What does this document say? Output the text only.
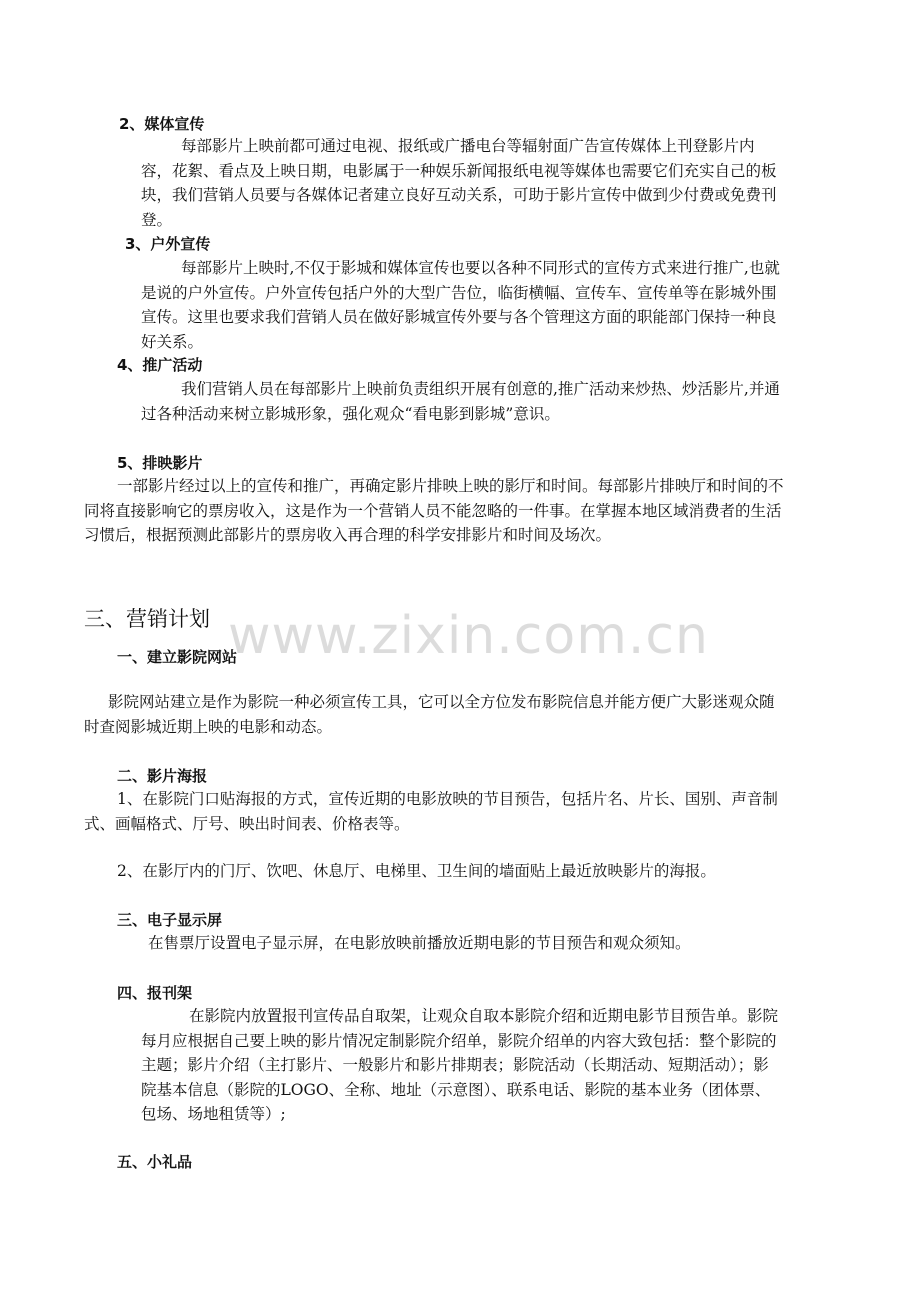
2、媒体宣传

每部影片上映前都可通过电视、报纸或广播电台等辐射面广告宣传媒体上刊登影片内容，花絮、看点及上映日期，电影属于一种娱乐新闻报纸电视等媒体也需要它们充实自己的板块，我们营销人员要与各媒体记者建立良好互动关系，可助于影片宣传中做到少付费或免费刊登。

3、户外宣传

每部影片上映时,不仅于影城和媒体宣传也要以各种不同形式的宣传方式来进行推广,也就是说的户外宣传。户外宣传包括户外的大型广告位，临街横幅、宣传车、宣传单等在影城外围宣传。这里也要求我们营销人员在做好影城宣传外要与各个管理这方面的职能部门保持一种良好关系。

4、推广活动

我们营销人员在每部影片上映前负责组织开展有创意的,推广活动来炒热、炒活影片,并通过各种活动来树立影城形象，强化观众“看电影到影城”意识。

5、排映影片

一部影片经过以上的宣传和推广，再确定影片排映上映的影厅和时间。每部影片排映厅和时间的不同将直接影响它的票房收入，这是作为一个营销人员不能忽略的一件事。在掌握本地区域消费者的生活习惯后，根据预测此部影片的票房收入再合理的科学安排影片和时间及场次。

三、营销计划

一、建立影院网站

影院网站建立是作为影院一种必须宣传工具，它可以全方位发布影院信息并能方便广大影迷观众随时查阅影城近期上映的电影和动态。

二、影片海报

1、在影院门口贴海报的方式，宣传近期的电影放映的节目预告，包括片名、片长、国别、声音制式、画幅格式、厅号、映出时间表、价格表等。

2、在影厅内的门厅、饮吧、休息厅、电梯里、卫生间的墙面贴上最近放映影片的海报。

三、电子显示屏

在售票厅设置电子显示屏，在电影放映前播放近期电影的节目预告和观众须知。

四、报刊架

在影院内放置报刊宣传品自取架，让观众自取本影院介绍和近期电影节目预告单。影院每月应根据自己要上映的影片情况定制影院介绍单，影院介绍单的内容大致包括：整个影院的主题；影片介绍（主打影片、一般影片和影片排期表；影院活动（长期活动、短期活动）；影院基本信息（影院的LOGO、全称、地址（示意图）、联系电话、影院的基本业务（团体票、包场、场地租赁等）;

五、小礼品

www.zixin.com.cn
